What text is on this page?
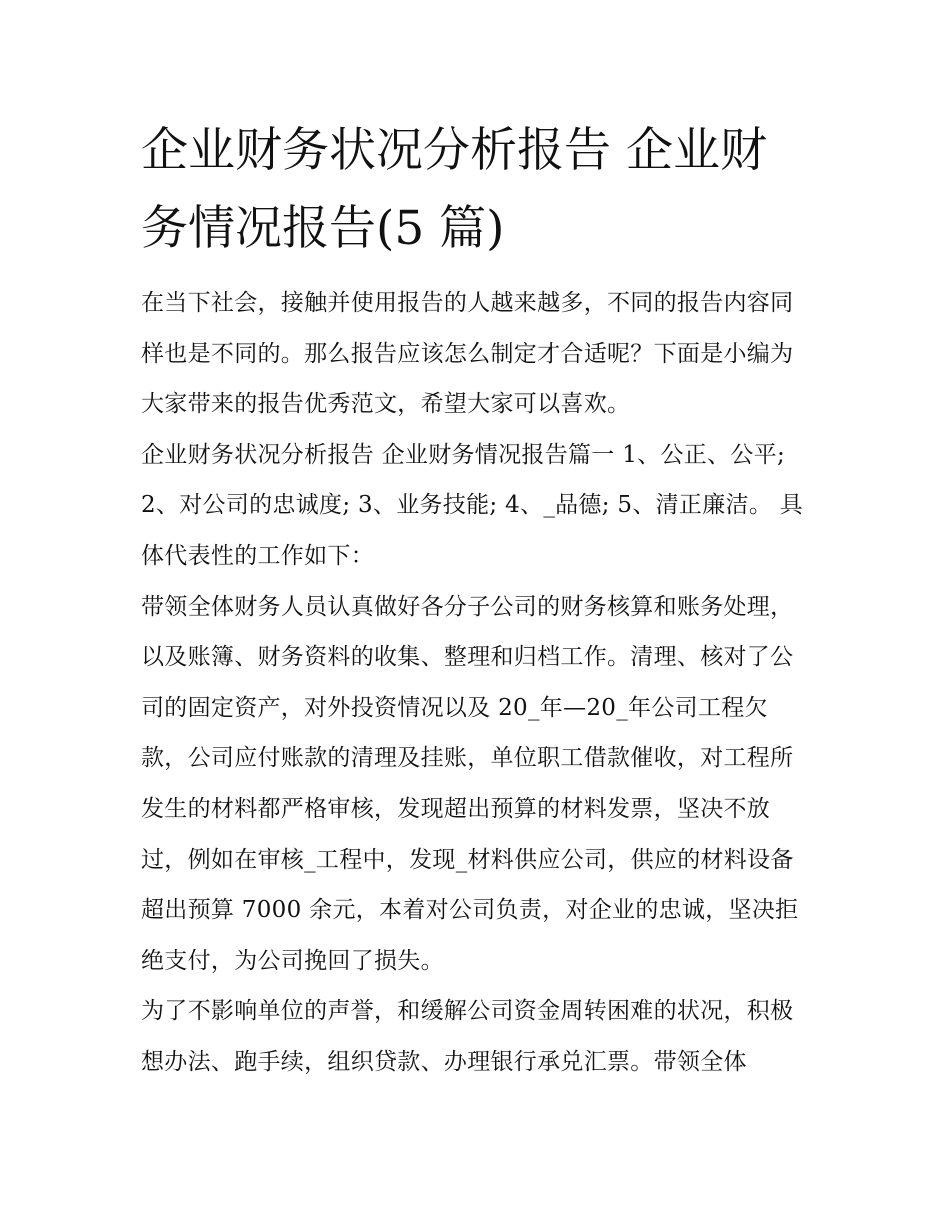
企业财务状况分析报告 企业财务情况报告(5 篇)

在当下社会，接触并使用报告的人越来越多，不同的报告内容同样也是不同的。那么报告应该怎么制定才合适呢？下面是小编为大家带来的报告优秀范文，希望大家可以喜欢。

企业财务状况分析报告 企业财务情况报告篇一 1、公正、公平; 2、对公司的忠诚度; 3、业务技能; 4、_品德; 5、清正廉洁。 具体代表性的工作如下：

带领全体财务人员认真做好各分子公司的财务核算和账务处理，以及账簿、财务资料的收集、整理和归档工作。清理、核对了公司的固定资产，对外投资情况以及 20_年—20_年公司工程欠款，公司应付账款的清理及挂账，单位职工借款催收，对工程所发生的材料都严格审核，发现超出预算的材料发票，坚决不放过，例如在审核_工程中，发现_材料供应公司，供应的材料设备超出预算 7000 余元，本着对公司负责，对企业的忠诚，坚决拒绝支付，为公司挽回了损失。

为了不影响单位的声誉，和缓解公司资金周转困难的状况，积极想办法、跑手续，组织贷款、办理银行承兑汇票。带领全体
